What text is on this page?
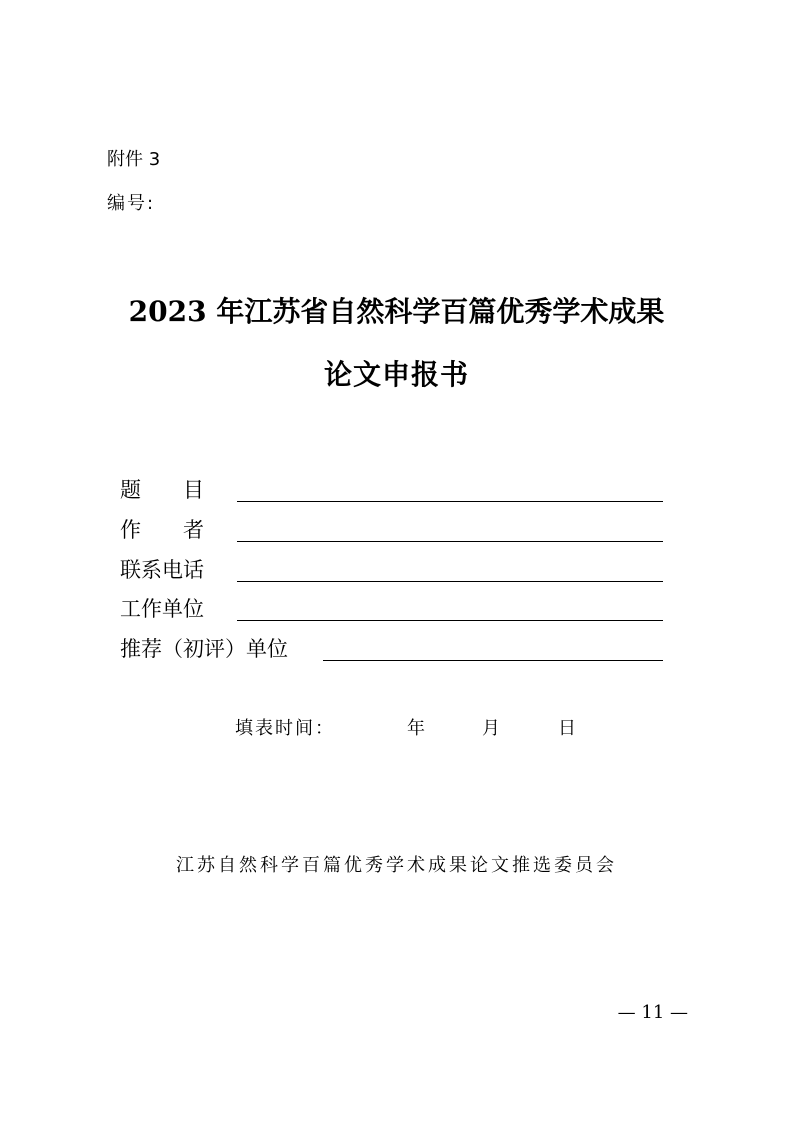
附件 3
编号:
2023 年江苏省自然科学百篇优秀学术成果
论文申报书
题　　目
作　　者
联系电话
工作单位
推荐（初评）单位
填表时间：	年	月	日
江苏自然科学百篇优秀学术成果论文推选委员会
— 11 —
